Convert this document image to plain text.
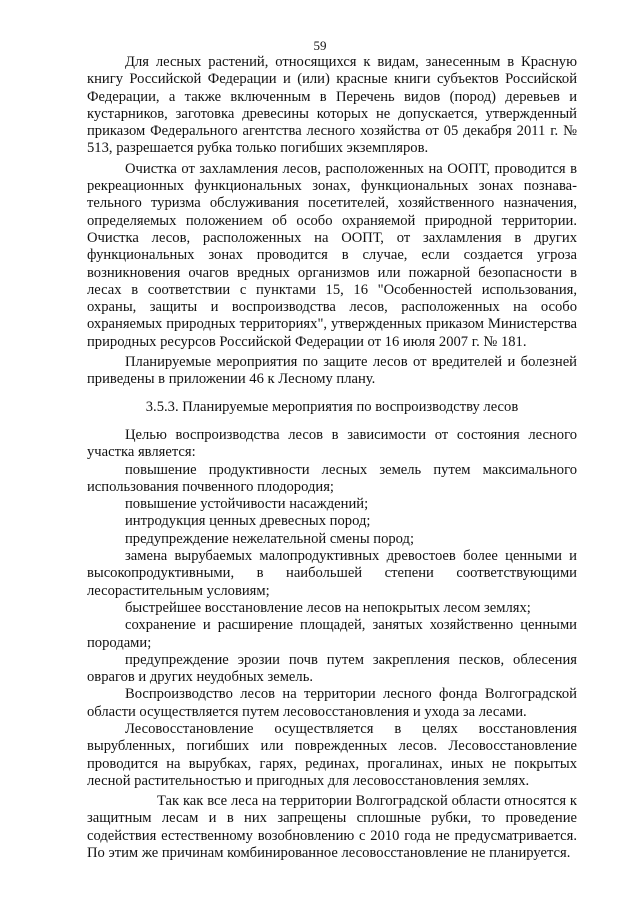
59

Для лесных растений, относящихся к видам, занесенным в Красную книгу Российской Федерации и (или) красные книги субъектов Российской Федерации, а также включенным в Перечень видов (пород) деревьев и кустарников, заготовка древесины которых не допускается, утвержденный приказом Федерального агентства лесного хозяйства от 05 декабря 2011 г. № 513, разрешается рубка только погибших экземпляров.

Очистка от захламления лесов, расположенных на ООПТ, проводится в рекреационных функциональных зонах, функциональных зонах познавательного туризма обслуживания посетителей, хозяйственного назначения, определяемых положением об особо охраняемой природной территории. Очистка лесов, расположенных на ООПТ, от захламления в других функциональных зонах проводится в случае, если создается угроза возникновения очагов вредных организмов или пожарной безопасности в лесах в соответствии с пунктами 15, 16 "Особенностей использования, охраны, защиты и воспроизводства лесов, расположенных на особо охраняемых природных территориях", утвержденных приказом Министерства природных ресурсов Российской Федерации от 16 июля 2007 г. № 181.

Планируемые мероприятия по защите лесов от вредителей и болезней приведены в приложении 46 к Лесному плану.

3.5.3. Планируемые мероприятия по воспроизводству лесов

Целью воспроизводства лесов в зависимости от состояния лесного участка является:

повышение продуктивности лесных земель путем максимального использования почвенного плодородия;

повышение устойчивости насаждений;

интродукция ценных древесных пород;

предупреждение нежелательной смены пород;

замена вырубаемых малопродуктивных древостоев более ценными и высокопродуктивными, в наибольшей степени соответствующими лесорастительным условиям;

быстрейшее восстановление лесов на непокрытых лесом землях;

сохранение и расширение площадей, занятых хозяйственно ценными породами;

предупреждение эрозии почв путем закрепления песков, облесения оврагов и других неудобных земель.

Воспроизводство лесов на территории лесного фонда Волгоградской области осуществляется путем лесовосстановления и ухода за лесами.

Лесовосстановление осуществляется в целях восстановления вырубленных, погибших или поврежденных лесов. Лесовосстановление проводится на вырубках, гарях, рединах, прогалинах, иных не покрытых лесной растительностью и пригодных для лесовосстановления землях.

Так как все леса на территории Волгоградской области относятся к защитным лесам и в них запрещены сплошные рубки, то проведение содействия естественному возобновлению с 2010 года не предусматривается. По этим же причинам комбинированное лесовосстановление не планируется.
